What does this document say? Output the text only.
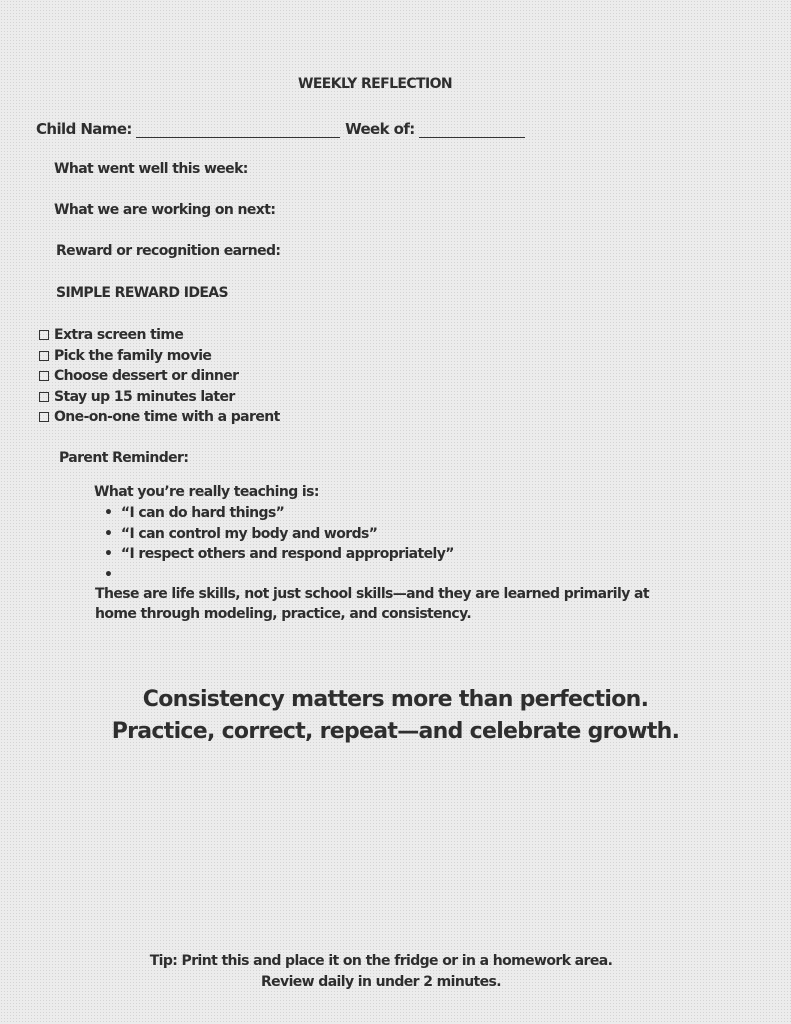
WEEKLY REFLECTION
Child Name:	Week of:
What went well this week:
What we are working on next:
Reward or recognition earned:
SIMPLE REWARD IDEAS
Extra screen time
Pick the family movie
Choose dessert or dinner
Stay up 15 minutes later
One-on-one time with a parent
Parent Reminder:
What you’re really teaching is:
•  “I can do hard things”
•  “I can control my body and words”
•  “I respect others and respond appropriately”
•
These are life skills, not just school skills—and they are learned primarily at
home through modeling, practice, and consistency.
Consistency matters more than perfection.
Practice, correct, repeat—and celebrate growth.
Tip: Print this and place it on the fridge or in a homework area.
Review daily in under 2 minutes.
